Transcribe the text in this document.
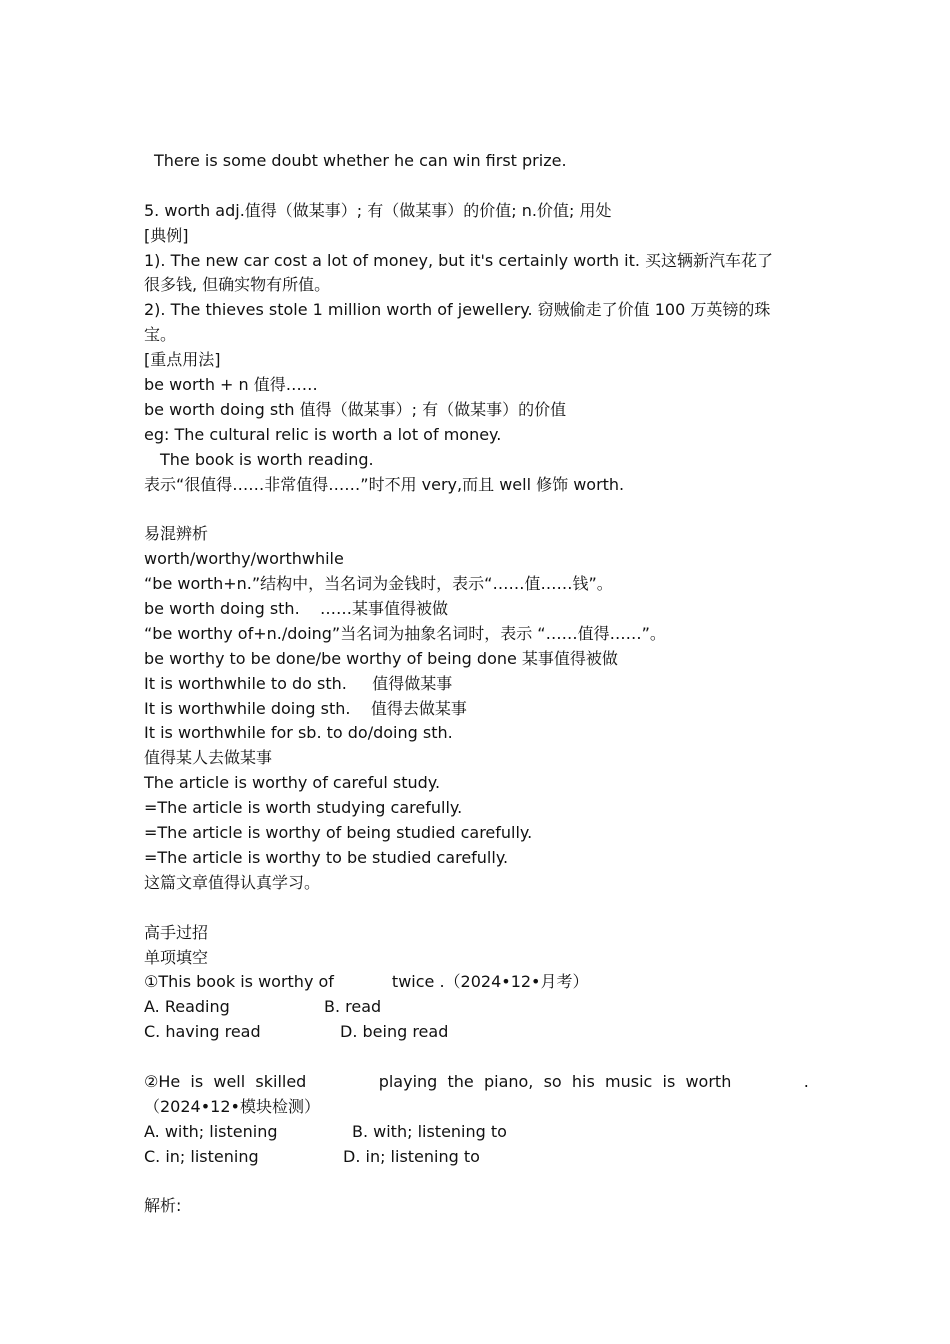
There is some doubt whether he can win first prize.
5. worth adj.值得（做某事）; 有（做某事）的价值; n.价值; 用处
[典例]
1). The new car cost a lot of money, but it's certainly worth it. 买这辆新汽车花了
很多钱, 但确实物有所值。
2). The thieves stole 1 million worth of jewellery. 窃贼偷走了价值 100 万英镑的珠
宝。
[重点用法]
be worth + n 值得……
be worth doing sth 值得（做某事）; 有（做某事）的价值
eg: The cultural relic is worth a lot of money.
The book is worth reading.
表示“很值得……非常值得……”时不用 very,而且 well 修饰 worth.
易混辨析
worth/worthy/worthwhile
“be worth+n.”结构中，当名词为金钱时，表示“……值……钱”。
be worth doing sth.    ……某事值得被做
“be worthy of+n./doing”当名词为抽象名词时，表示 “……值得……”。
be worthy to be done/be worthy of being done 某事值得被做
It is worthwhile to do sth.     值得做某事
It is worthwhile doing sth.    值得去做某事
It is worthwhile for sb. to do/doing sth.
值得某人去做某事
The article is worthy of careful study.
=The article is worth studying carefully.
=The article is worthy of being studied carefully.
=The article is worthy to be studied carefully.
这篇文章值得认真学习。
高手过招
单项填空
①This book is worthy of	twice .（2024•12•月考）
A. Reading	B. read
C. having read	D. being read
②He is well skilled	playing the piano, so his music is worth	.
（2024•12•模块检测）
A. with; listening	B. with; listening to
C. in; listening	D. in; listening to
解析:
